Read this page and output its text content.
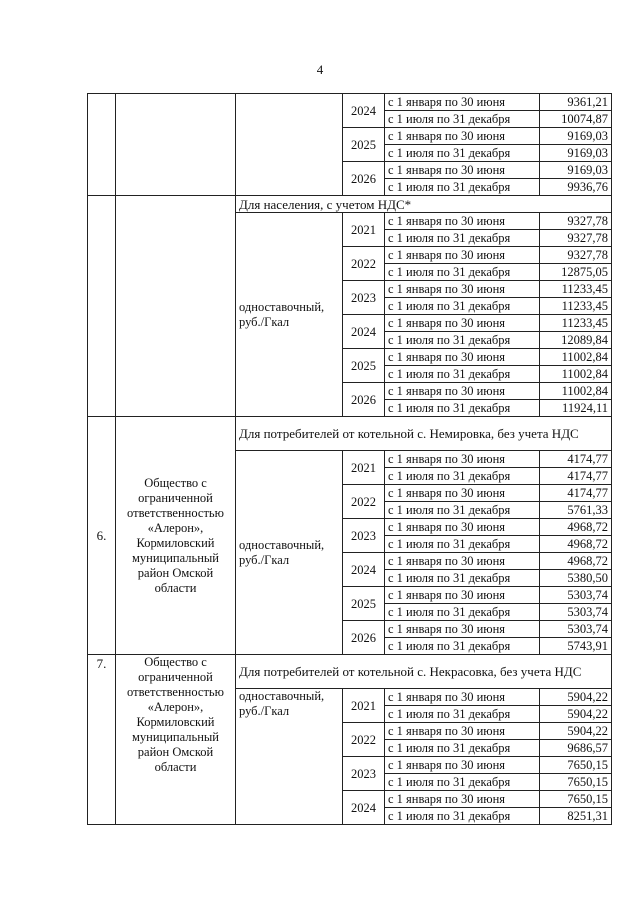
4
			2024	с 1 января по 30 июня	9361,21
				с 1 июля по 31 декабря	10074,87
			2025	с 1 января по 30 июня	9169,03
				с 1 июля по 31 декабря	9169,03
			2026	с 1 января по 30 июня	9169,03
				с 1 июля по 31 декабря	9936,76
		Для населения, с учетом НДС*			
		одноставочный, руб./Гкал	2021	с 1 января по 30 июня	9327,78
				с 1 июля по 31 декабря	9327,78
			2022	с 1 января по 30 июня	9327,78
				с 1 июля по 31 декабря	12875,05
			2023	с 1 января по 30 июня	11233,45
				с 1 июля по 31 декабря	11233,45
			2024	с 1 января по 30 июня	11233,45
				с 1 июля по 31 декабря	12089,84
			2025	с 1 января по 30 июня	11002,84
				с 1 июля по 31 декабря	11002,84
			2026	с 1 января по 30 июня	11002,84
				с 1 июля по 31 декабря	11924,11
6.	Общество с ограниченной ответственностью «Алерон», Кормиловский муниципальный район Омской области	Для потребителей от котельной с. Немировка, без учета НДС			
		одноставочный, руб./Гкал	2021	с 1 января по 30 июня	4174,77
				с 1 июля по 31 декабря	4174,77
			2022	с 1 января по 30 июня	4174,77
				с 1 июля по 31 декабря	5761,33
			2023	с 1 января по 30 июня	4968,72
				с 1 июля по 31 декабря	4968,72
			2024	с 1 января по 30 июня	4968,72
				с 1 июля по 31 декабря	5380,50
			2025	с 1 января по 30 июня	5303,74
				с 1 июля по 31 декабря	5303,74
			2026	с 1 января по 30 июня	5303,74
				с 1 июля по 31 декабря	5743,91
7.	Общество с ограниченной ответственностью «Алерон», Кормиловский муниципальный район Омской области	Для потребителей от котельной с. Некрасовка, без учета НДС			
		одноставочный, руб./Гкал	2021	с 1 января по 30 июня	5904,22
				с 1 июля по 31 декабря	5904,22
			2022	с 1 января по 30 июня	5904,22
				с 1 июля по 31 декабря	9686,57
			2023	с 1 января по 30 июня	7650,15
				с 1 июля по 31 декабря	7650,15
			2024	с 1 января по 30 июня	7650,15
				с 1 июля по 31 декабря	8251,31
